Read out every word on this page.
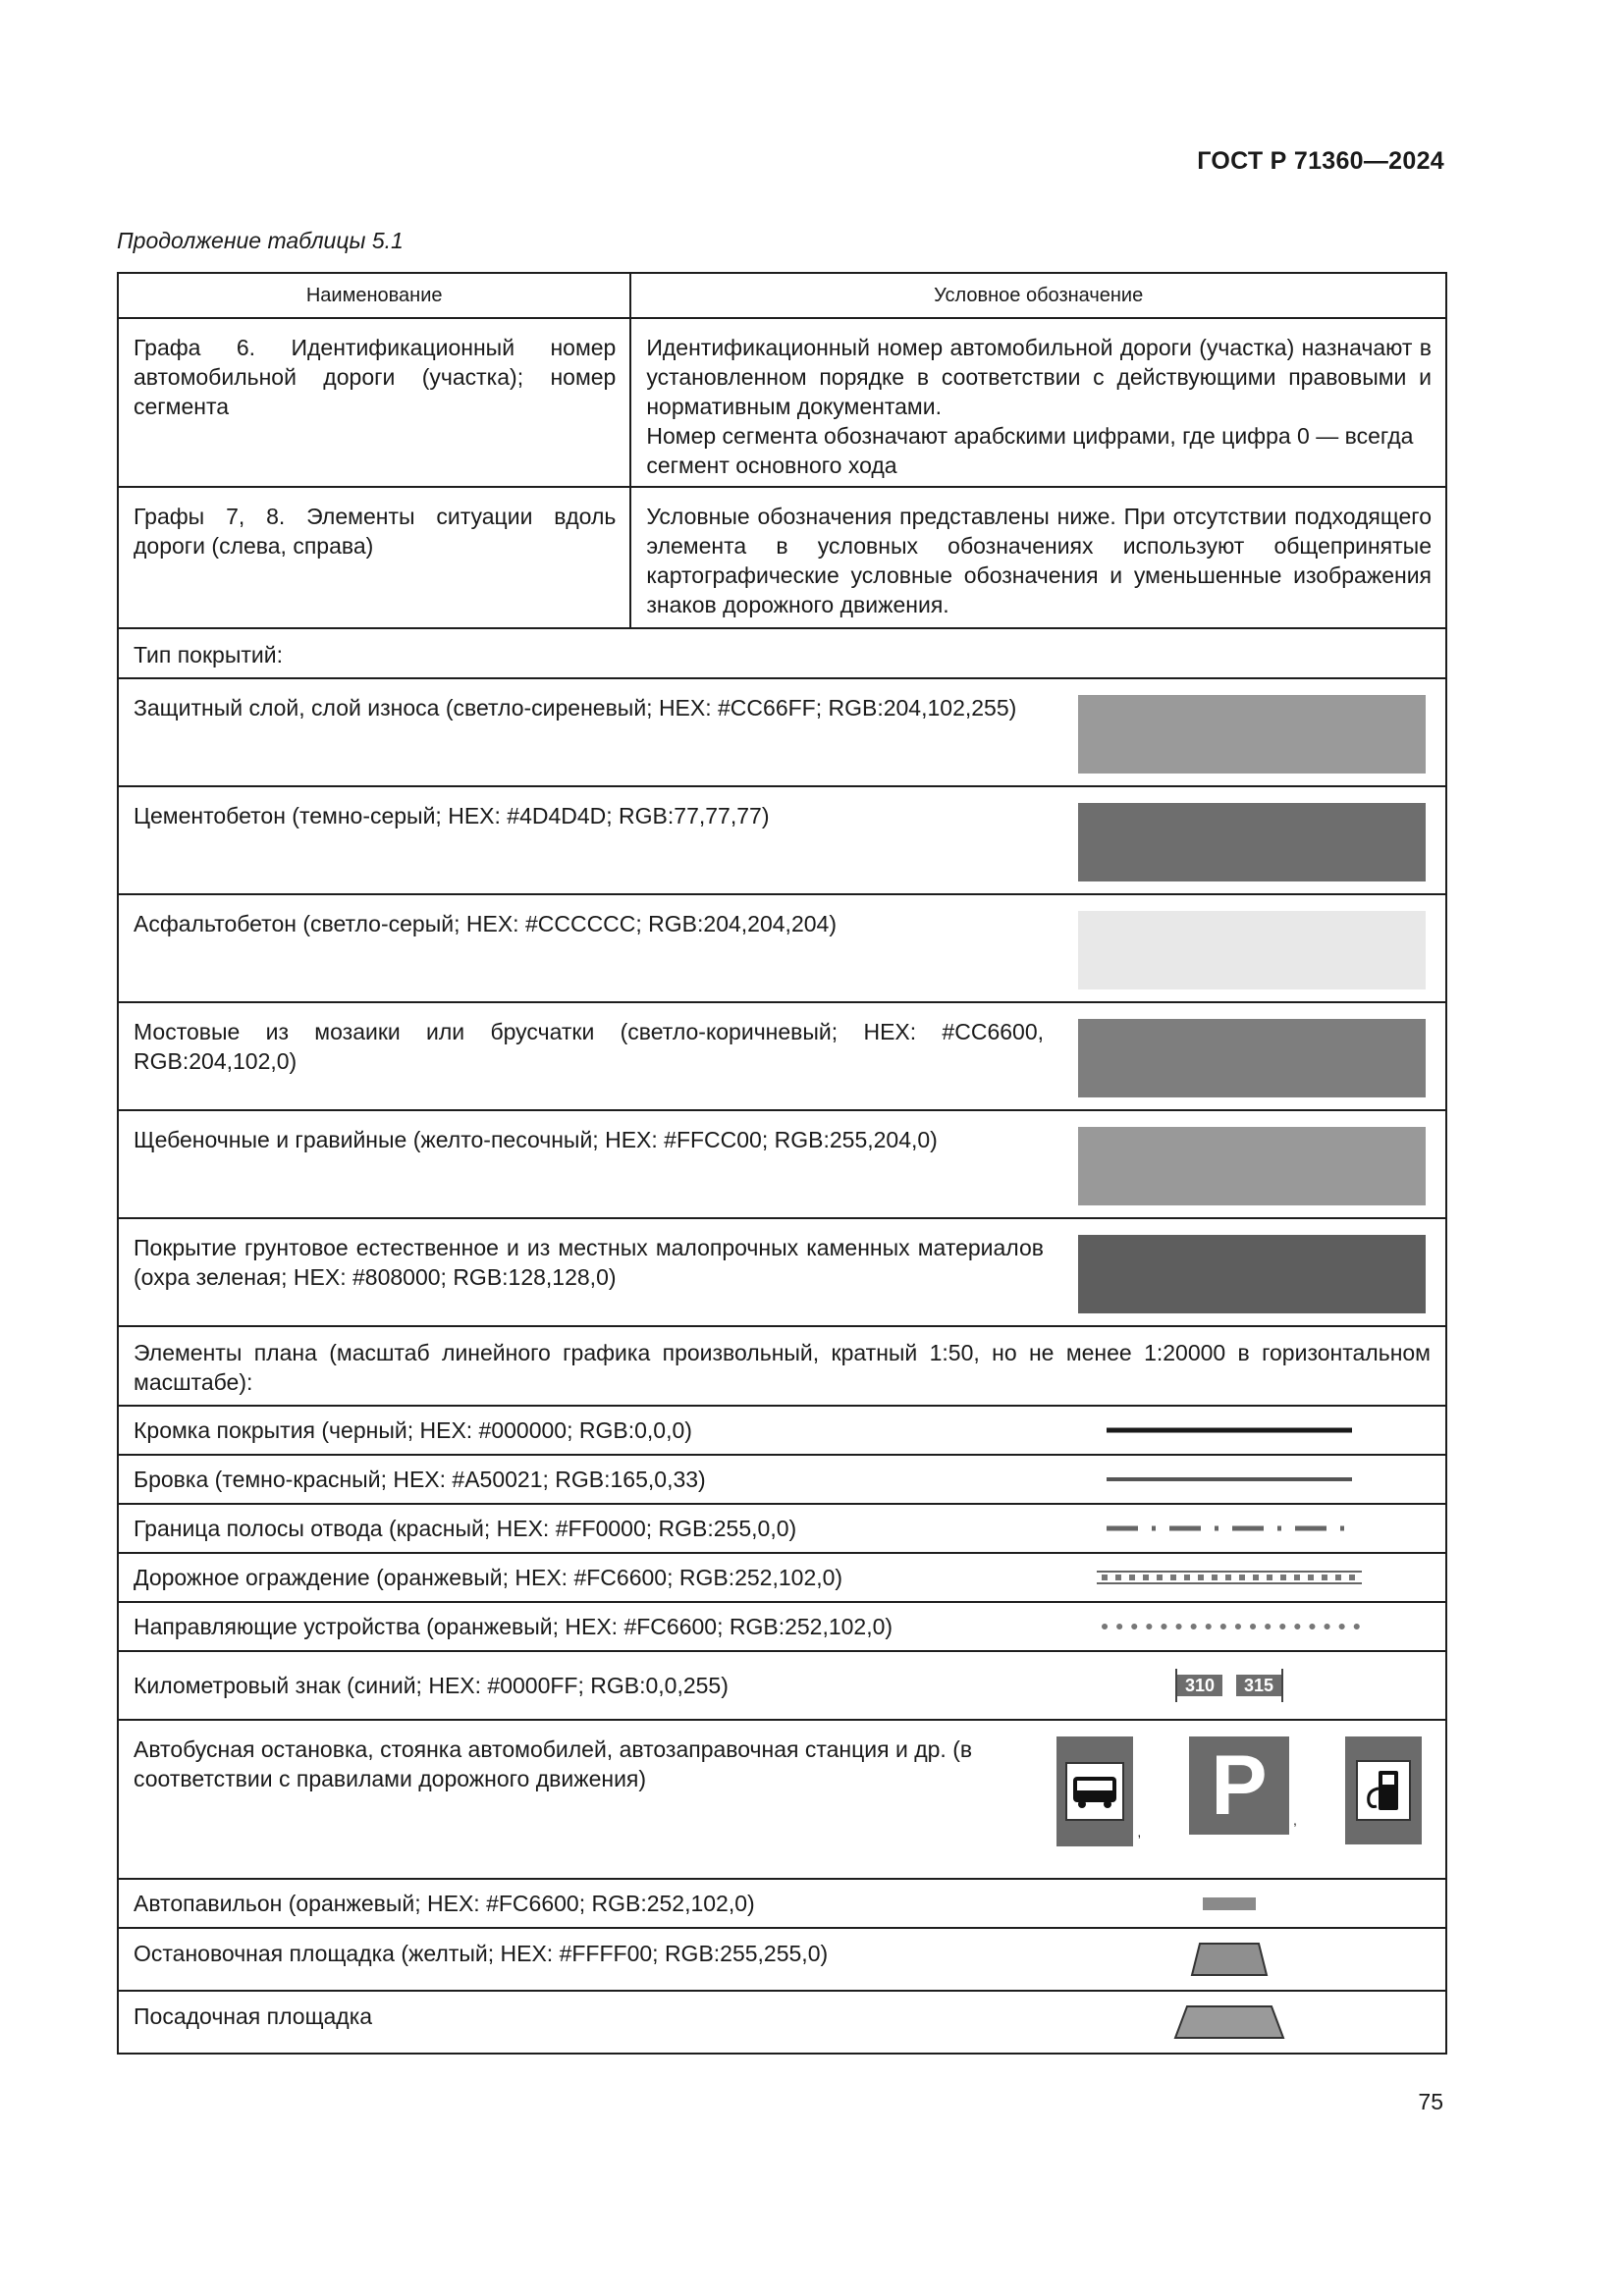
ГОСТ Р 71360—2024
Продолжение таблицы 5.1
Наименование	Условное обозначение

Графа 6. Идентификационный номер автомобильной дороги (участка); номер сегмента	Идентификационный номер автомобильной дороги (участка) назначают в установленном порядке в соответствии с действующими правовыми и нормативным документами.
Номер сегмента обозначают арабскими цифрами, где цифра 0 — всегда сегмент основного хода

Графы 7, 8. Элементы ситуации вдоль дороги (слева, справа)	Условные обозначения представлены ниже. При отсутствии подходящего элемента в условных обозначениях используют общепринятые картографические условные обозначения и уменьшенные изображения знаков дорожного движения.

Тип покрытий:	

Защитный слой, слой износа (светло-сиреневый; HEX: #CC66FF; RGB:204,102,255)	

Цементобетон (темно-серый; HEX: #4D4D4D; RGB:77,77,77)	

Асфальтобетон (светло-серый; HEX: #CCCCCC; RGB:204,204,204)	

Мостовые из мозаики или брусчатки (светло-коричневый; HEX: #CC6600, RGB:204,102,0)	

Щебеночные и гравийные (желто-песочный; HEX: #FFCC00; RGB:255,204,0)	

Покрытие грунтовое естественное и из местных малопрочных каменных материалов (охра зеленая; HEX: #808000; RGB:128,128,0)	

Элементы плана (масштаб линейного графика произвольный, кратный 1:50, но не менее 1:20000 в горизонтальном масштабе):	

Кромка покрытия (черный; HEX: #000000; RGB:0,0,0)	

Бровка (темно-красный; HEX: #A50021; RGB:165,0,33)	

Граница полосы отвода (красный; HEX: #FF0000; RGB:255,0,0)	

Дорожное ограждение (оранжевый; HEX: #FC6600; RGB:252,102,0)	

Направляющие устройства (оранжевый; HEX: #FC6600; RGB:252,102,0)	

Километровый знак (синий; HEX: #0000FF; RGB:0,0,255) 310 315	

Автобусная остановка, стоянка автомобилей, автозаправочная станция и др. (в соответствии с правилами дорожного движения)
, P ,	

Автопавильон (оранжевый; HEX: #FC6600; RGB:252,102,0)	

Остановочная площадка (желтый; HEX: #FFFF00; RGB:255,255,0)	

Посадочная площадка	
75
